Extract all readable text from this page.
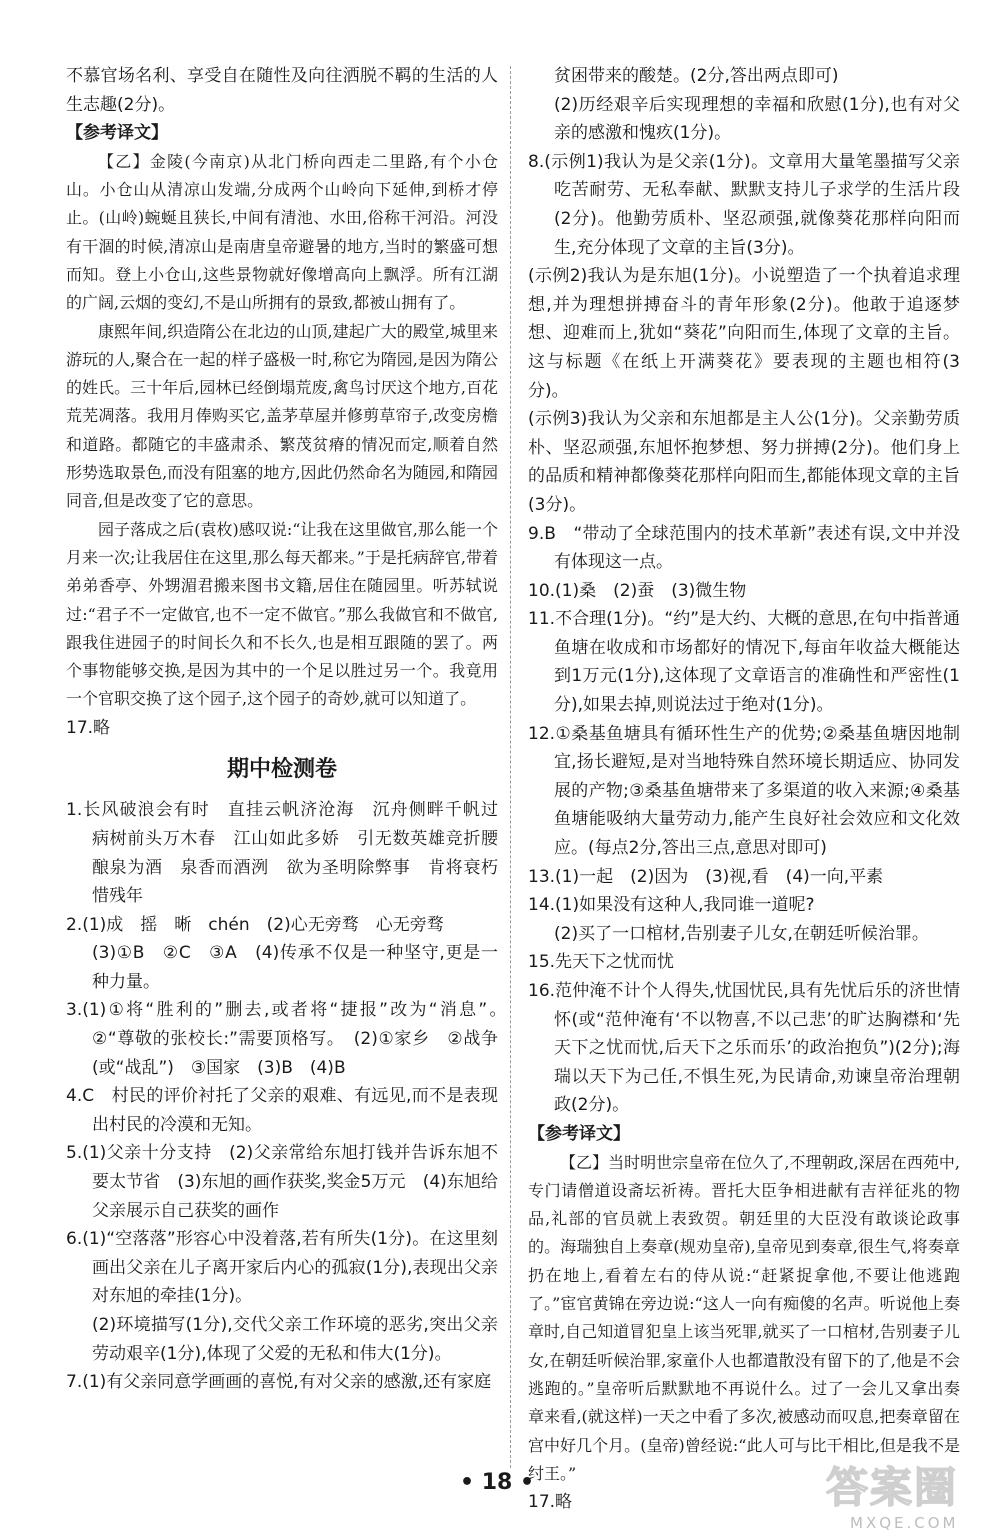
不慕官场名利、享受自在随性及向往洒脱不羁的生活的人生志趣(2分)。

【参考译文】

【乙】金陵(今南京)从北门桥向西走二里路,有个小仓山。小仓山从清凉山发端,分成两个山岭向下延伸,到桥才停止。(山岭)蜿蜒且狭长,中间有清池、水田,俗称干河沿。河没有干涸的时候,清凉山是南唐皇帝避暑的地方,当时的繁盛可想而知。登上小仓山,这些景物就好像增高向上飘浮。所有江湖的广阔,云烟的变幻,不是山所拥有的景致,都被山拥有了。

康熙年间,织造隋公在北边的山顶,建起广大的殿堂,城里来游玩的人,聚合在一起的样子盛极一时,称它为隋园,是因为隋公的姓氏。三十年后,园林已经倒塌荒废,禽鸟讨厌这个地方,百花荒芜凋落。我用月俸购买它,盖茅草屋并修剪草帘子,改变房檐和道路。都随它的丰盛肃杀、繁茂贫瘠的情况而定,顺着自然形势选取景色,而没有阻塞的地方,因此仍然命名为随园,和隋园同音,但是改变了它的意思。

园子落成之后(袁枚)感叹说:“让我在这里做官,那么能一个月来一次;让我居住在这里,那么每天都来。”于是托病辞官,带着弟弟香亭、外甥湄君搬来图书文籍,居住在随园里。听苏轼说过:“君子不一定做官,也不一定不做官。”那么我做官和不做官,跟我住进园子的时间长久和不长久,也是相互跟随的罢了。两个事物能够交换,是因为其中的一个足以胜过另一个。我竟用一个官职交换了这个园子,这个园子的奇妙,就可以知道了。

17.略

期中检测卷

1.长风破浪会有时　直挂云帆济沧海　沉舟侧畔千帆过　病树前头万木春　江山如此多娇　引无数英雄竞折腰　酿泉为酒　泉香而酒洌　欲为圣明除弊事　肯将衰朽惜残年

2.(1)成　摇　晰　chén　(2)心无旁骛　心无旁骛

(3)①B　②C　③A　(4)传承不仅是一种坚守,更是一种力量。

3.(1)①将“胜利的”删去,或者将“捷报”改为“消息”。　②“尊敬的张校长:”需要顶格写。　(2)①家乡　②战争(或“战乱”)　③国家　(3)B　(4)B

4.C　村民的评价衬托了父亲的艰难、有远见,而不是表现出村民的冷漠和无知。

5.(1)父亲十分支持　(2)父亲常给东旭打钱并告诉东旭不要太节省　(3)东旭的画作获奖,奖金5万元　(4)东旭给父亲展示自己获奖的画作

6.(1)“空落落”形容心中没着落,若有所失(1分)。在这里刻画出父亲在儿子离开家后内心的孤寂(1分),表现出父亲对东旭的牵挂(1分)。

(2)环境描写(1分),交代父亲工作环境的恶劣,突出父亲劳动艰辛(1分),体现了父爱的无私和伟大(1分)。

7.(1)有父亲同意学画画的喜悦,有对父亲的感激,还有家庭

贫困带来的酸楚。(2分,答出两点即可)

(2)历经艰辛后实现理想的幸福和欣慰(1分),也有对父亲的感激和愧疚(1分)。

8.(示例1)我认为是父亲(1分)。文章用大量笔墨描写父亲吃苦耐劳、无私奉献、默默支持儿子求学的生活片段(2分)。他勤劳质朴、坚忍顽强,就像葵花那样向阳而生,充分体现了文章的主旨(3分)。

(示例2)我认为是东旭(1分)。小说塑造了一个执着追求理想,并为理想拼搏奋斗的青年形象(2分)。他敢于追逐梦想、迎难而上,犹如“葵花”向阳而生,体现了文章的主旨。这与标题《在纸上开满葵花》要表现的主题也相符(3分)。

(示例3)我认为父亲和东旭都是主人公(1分)。父亲勤劳质朴、坚忍顽强,东旭怀抱梦想、努力拼搏(2分)。他们身上的品质和精神都像葵花那样向阳而生,都能体现文章的主旨(3分)。

9.B　“带动了全球范围内的技术革新”表述有误,文中并没有体现这一点。

10.(1)桑　(2)蚕　(3)微生物

11.不合理(1分)。“约”是大约、大概的意思,在句中指普通鱼塘在收成和市场都好的情况下,每亩年收益大概能达到1万元(1分),这体现了文章语言的准确性和严密性(1分),如果去掉,则说法过于绝对(1分)。

12.①桑基鱼塘具有循环性生产的优势;②桑基鱼塘因地制宜,扬长避短,是对当地特殊自然环境长期适应、协同发展的产物;③桑基鱼塘带来了多渠道的收入来源;④桑基鱼塘能吸纳大量劳动力,能产生良好社会效应和文化效应。(每点2分,答出三点,意思对即可)

13.(1)一起　(2)因为　(3)视,看　(4)一向,平素

14.(1)如果没有这种人,我同谁一道呢?

(2)买了一口棺材,告别妻子儿女,在朝廷听候治罪。

15.先天下之忧而忧

16.范仲淹不计个人得失,忧国忧民,具有先忧后乐的济世情怀(或“范仲淹有‘不以物喜,不以己悲’的旷达胸襟和‘先天下之忧而忧,后天下之乐而乐’的政治抱负”)(2分);海瑞以天下为己任,不惧生死,为民请命,劝谏皇帝治理朝政(2分)。

【参考译文】

【乙】当时明世宗皇帝在位久了,不理朝政,深居在西苑中,专门请僧道设斋坛祈祷。晋托大臣争相进献有吉祥征兆的物品,礼部的官员就上表致贺。朝廷里的大臣没有敢谈论政事的。海瑞独自上奏章(规劝皇帝),皇帝见到奏章,很生气,将奏章扔在地上,看着左右的侍从说:“赶紧捉拿他,不要让他逃跑了。”宦官黄锦在旁边说:“这人一向有痴傻的名声。听说他上奏章时,自己知道冒犯皇上该当死罪,就买了一口棺材,告别妻子儿女,在朝廷听候治罪,家童仆人也都遣散没有留下的了,他是不会逃跑的。”皇帝听后默默地不再说什么。过了一会儿又拿出奏章来看,(就这样)一天之中看了多次,被感动而叹息,把奏章留在宫中好几个月。(皇帝)曾经说:“此人可与比干相比,但是我不是纣王。”

17.略

• 18 •	答案圈
MXQE.COM
